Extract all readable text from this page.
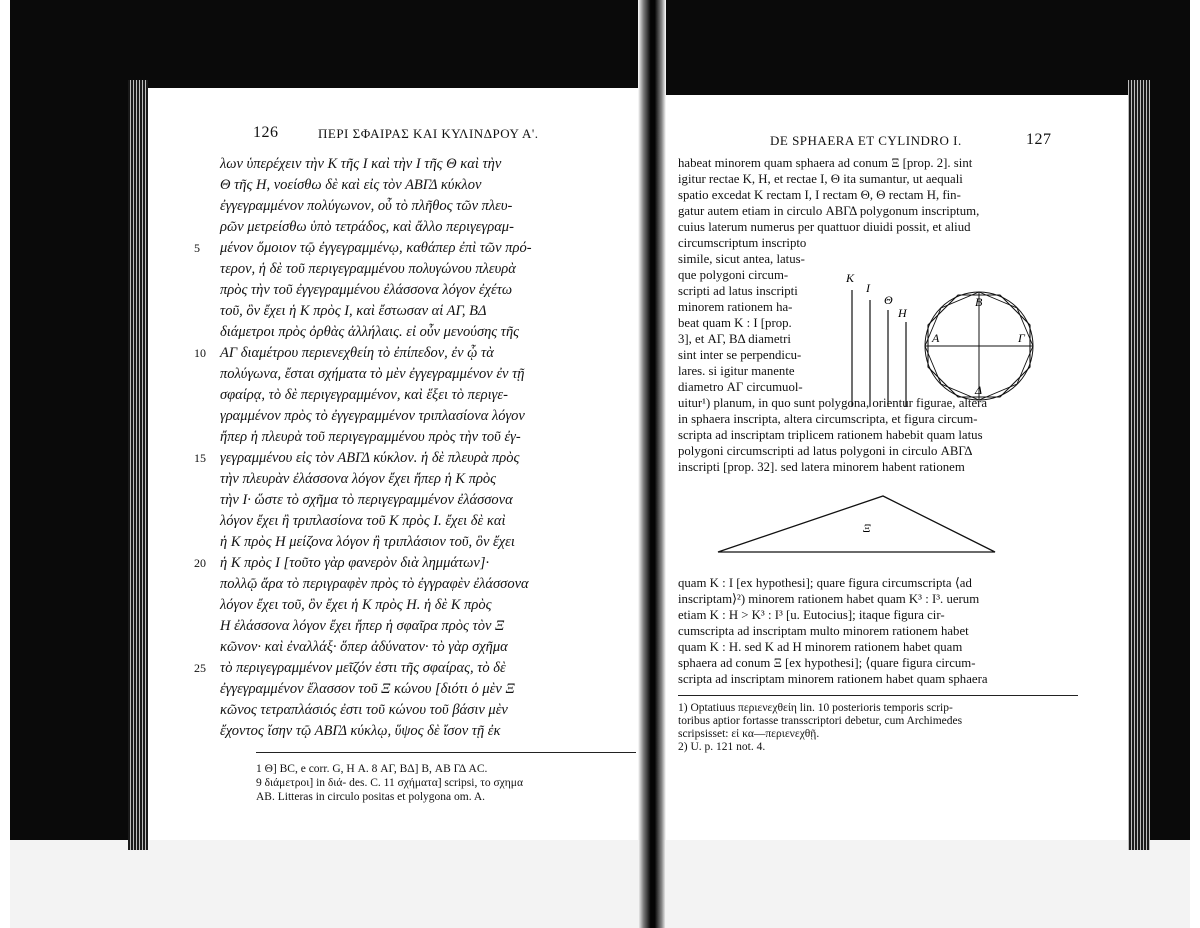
126	ΠΕΡΙ ΣΦΑΙΡΑΣ ΚΑΙ ΚΥΛΙΝΔΡΟΥ Α'.
λων ὑπερέχειν τὴν Κ τῆς Ι καὶ τὴν Ι τῆς Θ καὶ τὴν
Θ τῆς Η, νοείσθω δὲ καὶ εἰς τὸν ΑΒΓΔ κύκλον
ἐγγεγραμμένον πολύγωνον, οὗ τὸ πλῆθος τῶν πλευ-
ρῶν μετρείσθω ὑπὸ τετράδος, καὶ ἄλλο περιγεγραμ-
5 μένον ὅμοιον τῷ ἐγγεγραμμένῳ, καθάπερ ἐπὶ τῶν πρό-
τερον, ἡ δὲ τοῦ περιγεγραμμένου πολυγώνου πλευρὰ
πρὸς τὴν τοῦ ἐγγεγραμμένου ἐλάσσονα λόγον ἐχέτω
τοῦ, ὃν ἔχει ἡ Κ πρὸς Ι, καὶ ἔστωσαν αἱ ΑΓ, ΒΔ
διάμετροι πρὸς ὀρθὰς ἀλλήλαις. εἰ οὖν μενούσης τῆς
10 ΑΓ διαμέτρου περιενεχθείη τὸ ἐπίπεδον, ἐν ᾧ τὰ
πολύγωνα, ἔσται σχήματα τὸ μὲν ἐγγεγραμμένον ἐν τῇ
σφαίρᾳ, τὸ δὲ περιγεγραμμένον, καὶ ἕξει τὸ περιγε-
γραμμένον πρὸς τὸ ἐγγεγραμμένον τριπλασίονα λόγον
ἤπερ ἡ πλευρὰ τοῦ περιγεγραμμένου πρὸς τὴν τοῦ ἐγ-
15 γεγραμμένου εἰς τὸν ΑΒΓΔ κύκλον. ἡ δὲ πλευρὰ πρὸς
τὴν πλευρὰν ἐλάσσονα λόγον ἔχει ἤπερ ἡ Κ πρὸς
τὴν Ι· ὥστε τὸ σχῆμα τὸ περιγεγραμμένον ἐλάσσονα
λόγον ἔχει ἢ τριπλασίονα τοῦ Κ πρὸς Ι. ἔχει δὲ καὶ
ἡ Κ πρὸς Η μείζονα λόγον ἢ τριπλάσιον τοῦ, ὃν ἔχει
20 ἡ Κ πρὸς Ι [τοῦτο γὰρ φανερὸν διὰ λημμάτων]·
πολλῷ ἄρα τὸ περιγραφὲν πρὸς τὸ ἐγγραφὲν ἐλάσσονα
λόγον ἔχει τοῦ, ὃν ἔχει ἡ Κ πρὸς Η. ἡ δὲ Κ πρὸς
Η ἐλάσσονα λόγον ἔχει ἤπερ ἡ σφαῖρα πρὸς τὸν Ξ
κῶνον· καὶ ἐναλλάξ· ὅπερ ἀδύνατον· τὸ γὰρ σχῆμα
25 τὸ περιγεγραμμένον μεῖζόν ἐστι τῆς σφαίρας, τὸ δὲ
ἐγγεγραμμένον ἔλασσον τοῦ Ξ κώνου [διότι ὁ μὲν Ξ
κῶνος τετραπλάσιός ἐστι τοῦ κώνου τοῦ βάσιν μὲν
ἔχοντος ἴσην τῷ ΑΒΓΔ κύκλῳ, ὕψος δὲ ἴσον τῇ ἐκ
1 Θ] BC, e corr. G, Η A. 8 ΑΓ, ΒΔ] B, ΑΒ ΓΔ AC.
9 διάμετροι] in διά- des. C. 11 σχήματα] scripsi, το σχημα
AB. Litteras in circulo positas et polygona om. A.
DE SPHAERA ET CYLINDRO I.	127
habeat minorem quam sphaera ad conum Ξ [prop. 2]. sint
igitur rectae Κ, Η, et rectae Ι, Θ ita sumantur, ut aequali
spatio excedat Κ rectam Ι, Ι rectam Θ, Θ rectam Η, fin-
gatur autem etiam in circulo ΑΒΓΔ polygonum inscriptum,
cuius laterum numerus per quattuor diuidi possit, et aliud
circumscriptum inscripto
simile, sicut antea, latus-
que polygoni circum-
scripti ad latus inscripti
minorem rationem ha-
beat quam Κ : Ι [prop.
3], et ΑΓ, ΒΔ diametri
sint inter se perpendicu-
lares. si igitur manente
diametro ΑΓ circumuol-
uitur¹) planum, in quo sunt polygona, orientur figurae, altera
in sphaera inscripta, altera circumscripta, et figura circum-
scripta ad inscriptam triplicem rationem habebit quam latus
polygoni circumscripti ad latus polygoni in circulo ΑΒΓΔ
inscripti [prop. 32]. sed latera minorem habent rationem
Κ
Ι
Θ
Η
Α
Β
Γ
Δ
Ξ
quam Κ : Ι [ex hypothesi]; quare figura circumscripta ⟨ad
inscriptam⟩²) minorem rationem habet quam Κ³ : Ι³. uerum
etiam Κ : Η > Κ³ : Ι³ [u. Eutocius]; itaque figura cir-
cumscripta ad inscriptam multo minorem rationem habet
quam Κ : Η. sed Κ ad Η minorem rationem habet quam
sphaera ad conum Ξ [ex hypothesi]; ⟨quare figura circum-
scripta ad inscriptam minorem rationem habet quam sphaera
1) Optatiuus περιενεχθείη lin. 10 posterioris temporis scrip-
toribus aptior fortasse transscriptori debetur, cum Archimedes
scripsisset: εἰ κα—περιενεχθῇ.
2) U. p. 121 not. 4.
